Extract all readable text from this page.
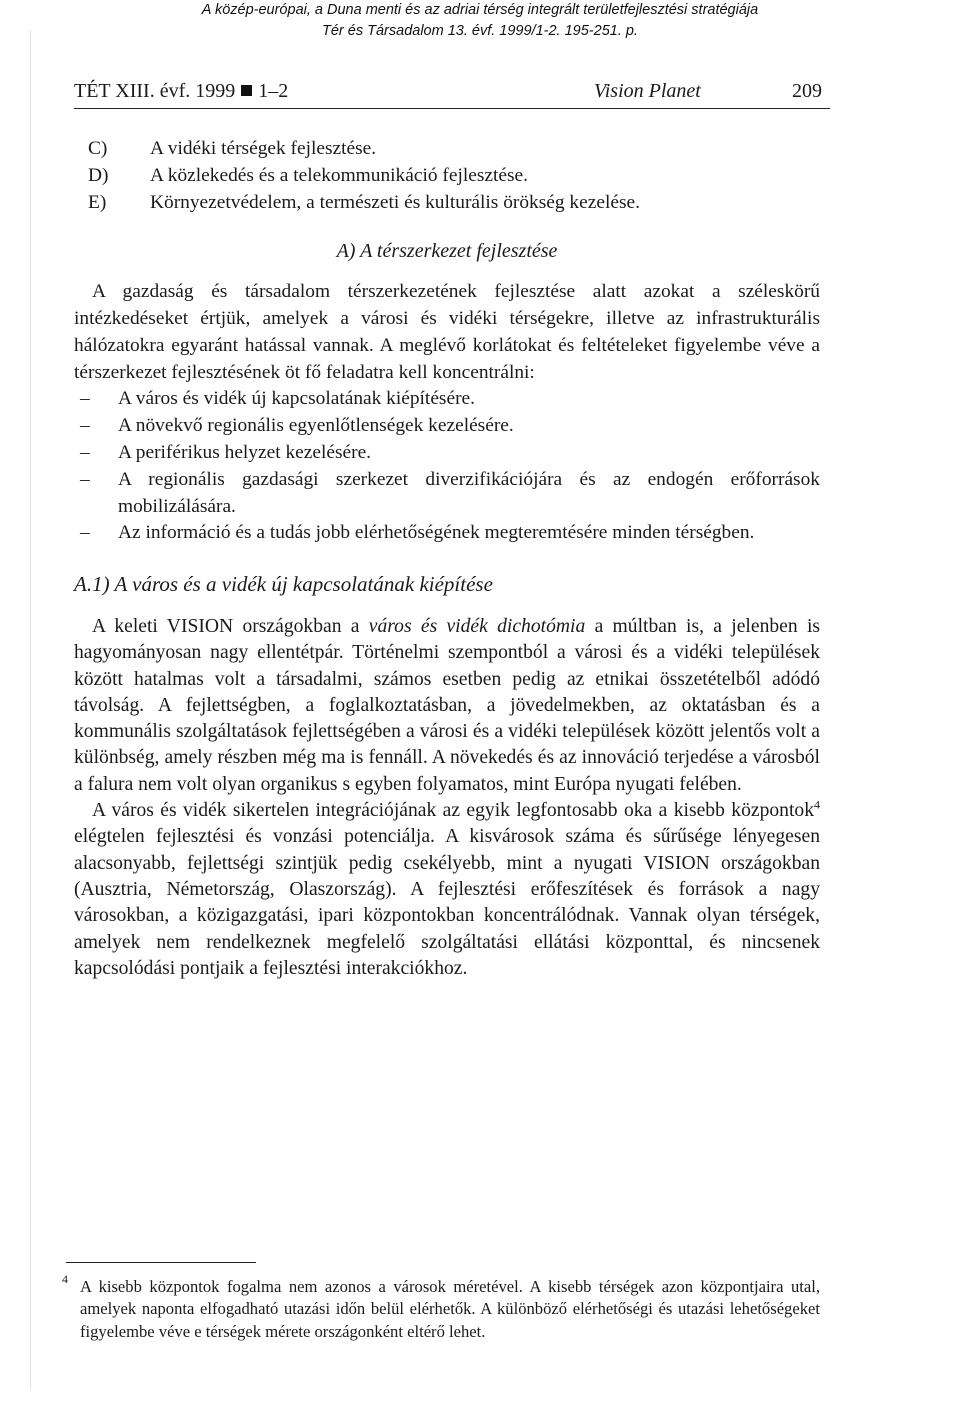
A közép-európai, a Duna menti és az adriai térség integrált területfejlesztési stratégiája
Tér és Társadalom 13. évf. 1999/1-2. 195-251. p.
TÉT XIII. évf. 1999 1–2	Vision Planet	209
C) A vidéki térségek fejlesztése.
D) A közlekedés és a telekommunikáció fejlesztése.
E) Környezetvédelem, a természeti és kulturális örökség kezelése.
A) A térszerkezet fejlesztése
A gazdaság és társadalom térszerkezetének fejlesztése alatt azokat a széleskörű intézkedéseket értjük, amelyek a városi és vidéki térségekre, illetve az infrastrukturális hálózatokra egyaránt hatással vannak. A meglévő korlátokat és feltételeket figyelembe véve a térszerkezet fejlesztésének öt fő feladatra kell koncentrálni:
– A város és vidék új kapcsolatának kiépítésére.
– A növekvő regionális egyenlőtlenségek kezelésére.
– A periférikus helyzet kezelésére.
– A regionális gazdasági szerkezet diverzifikációjára és az endogén erőforrások mobilizálására.
– Az információ és a tudás jobb elérhetőségének megteremtésére minden térségben.
A.1) A város és a vidék új kapcsolatának kiépítése
A keleti VISION országokban a város és vidék dichotómia a múltban is, a jelenben is hagyományosan nagy ellentétpár. Történelmi szempontból a városi és a vidéki települések között hatalmas volt a társadalmi, számos esetben pedig az etnikai összetételből adódó távolság. A fejlettségben, a foglalkoztatásban, a jövedelmekben, az oktatásban és a kommunális szolgáltatások fejlettségében a városi és a vidéki települések között jelentős volt a különbség, amely részben még ma is fennáll. A növekedés és az innováció terjedése a városból a falura nem volt olyan organikus s egyben folyamatos, mint Európa nyugati felében.
A város és vidék sikertelen integrációjának az egyik legfontosabb oka a kisebb központok$^4$ elégtelen fejlesztési és vonzási potenciálja. A kisvárosok száma és sűrűsége lényegesen alacsonyabb, fejlettségi szintjük pedig csekélyebb, mint a nyugati VISION országokban (Ausztria, Németország, Olaszország). A fejlesztési erőfeszítések és források a nagy városokban, a közigazgatási, ipari központokban koncentrálódnak. Vannak olyan térségek, amelyek nem rendelkeznek megfelelő szolgáltatási ellátási központtal, és nincsenek kapcsolódási pontjaik a fejlesztési interakciókhoz.
4 A kisebb központok fogalma nem azonos a városok méretével. A kisebb térségek azon központjaira utal, amelyek naponta elfogadható utazási időn belül elérhetők. A különböző elérhetőségi és utazási lehetőségeket figyelembe véve e térségek mérete országonként eltérő lehet.
